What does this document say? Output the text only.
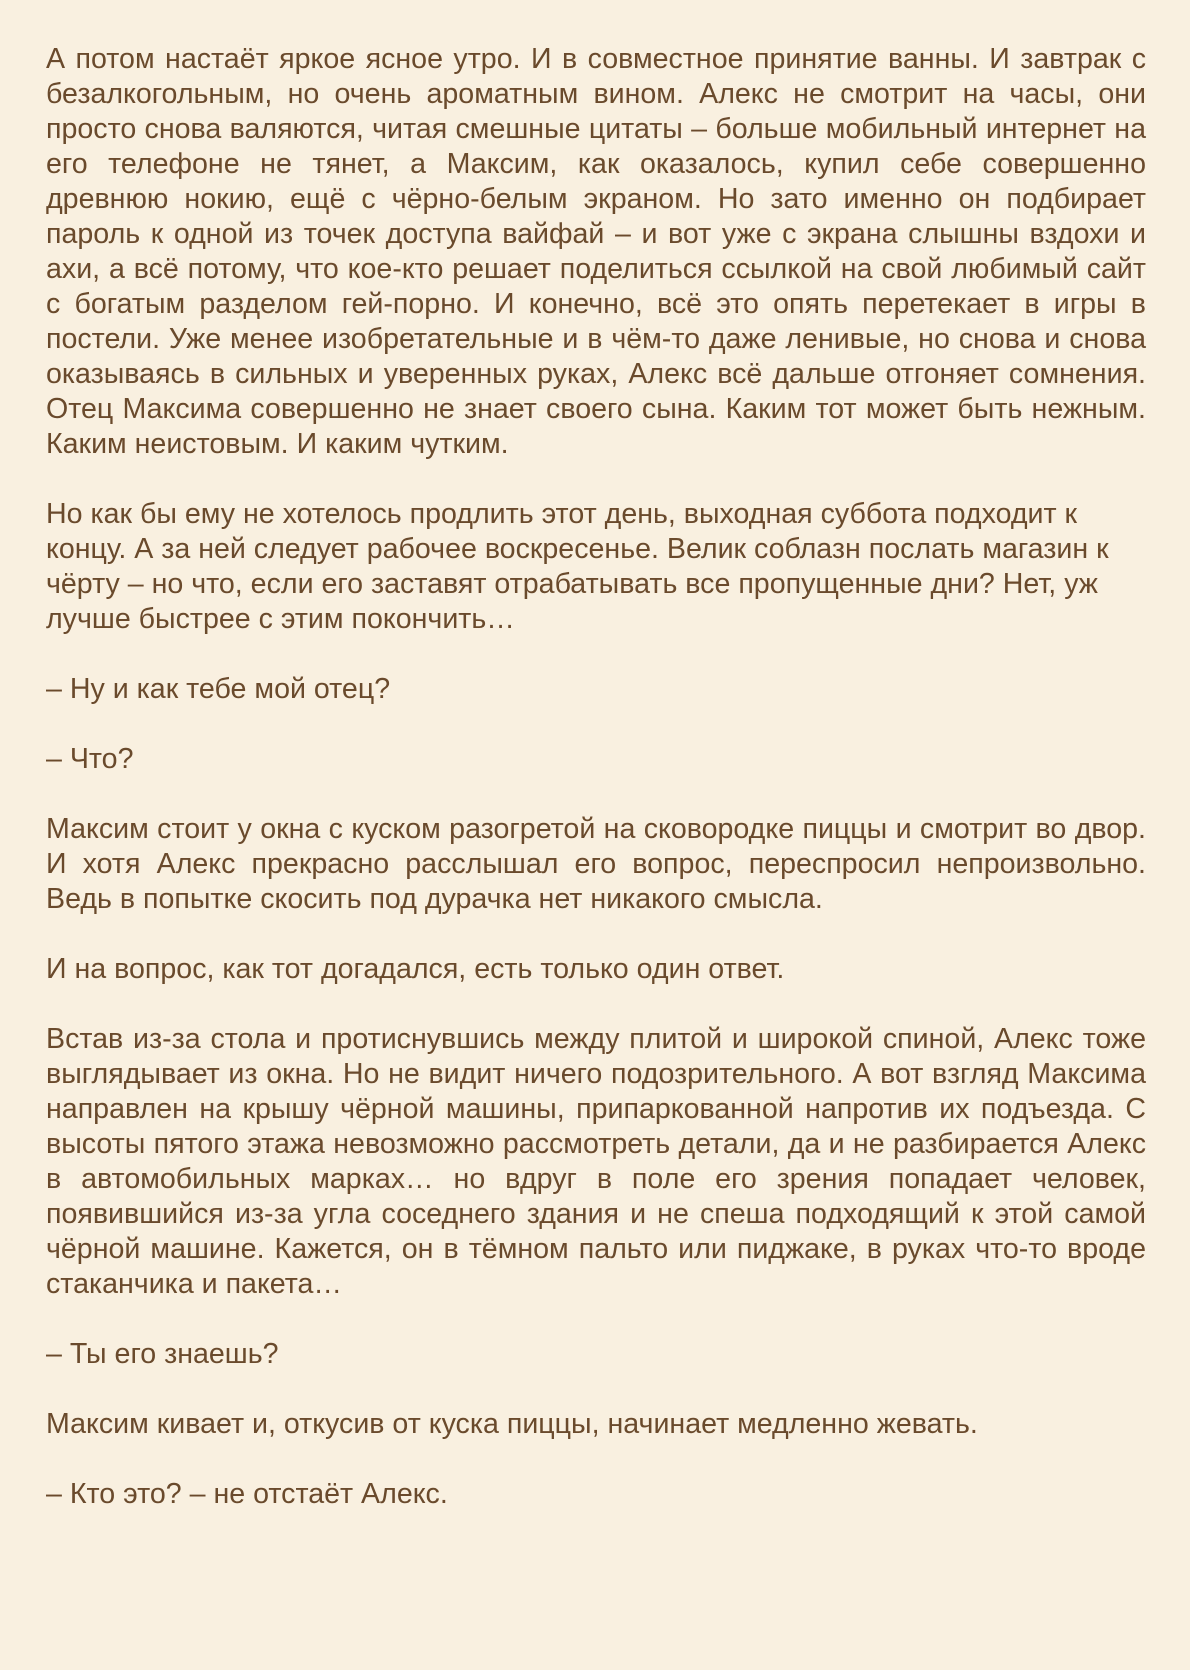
А потом настаёт яркое ясное утро. И в совместное принятие ванны. И завтрак с безалкогольным, но очень ароматным вином. Алекс не смотрит на часы, они просто снова валяются, читая смешные цитаты – больше мобильный интернет на его телефоне не тянет, а Максим, как оказалось, купил себе совершенно древнюю нокию, ещё с чёрно-белым экраном. Но зато именно он подбирает пароль к одной из точек доступа вайфай – и вот уже с экрана слышны вздохи и ахи, а всё потому, что кое-кто решает поделиться ссылкой на свой любимый сайт с богатым разделом гей-порно. И конечно, всё это опять перетекает в игры в постели. Уже менее изобретательные и в чём-то даже ленивые, но снова и снова оказываясь в сильных и уверенных руках, Алекс всё дальше отгоняет сомнения. Отец Максима совершенно не знает своего сына. Каким тот может быть нежным. Каким неистовым. И каким чутким.

Но как бы ему не хотелось продлить этот день, выходная суббота подходит к концу. А за ней следует рабочее воскресенье. Велик соблазн послать магазин к чёрту – но что, если его заставят отрабатывать все пропущенные дни? Нет, уж лучше быстрее с этим покончить…

– Ну и как тебе мой отец?

– Что?

Максим стоит у окна с куском разогретой на сковородке пиццы и смотрит во двор. И хотя Алекс прекрасно расслышал его вопрос, переспросил непроизвольно. Ведь в попытке скосить под дурачка нет никакого смысла.

И на вопрос, как тот догадался, есть только один ответ.

Встав из-за стола и протиснувшись между плитой и широкой спиной, Алекс тоже выглядывает из окна. Но не видит ничего подозрительного. А вот взгляд Максима направлен на крышу чёрной машины, припаркованной напротив их подъезда. С высоты пятого этажа невозможно рассмотреть детали, да и не разбирается Алекс в автомобильных марках… но вдруг в поле его зрения попадает человек, появившийся из-за угла соседнего здания и не спеша подходящий к этой самой чёрной машине. Кажется, он в тёмном пальто или пиджаке, в руках что-то вроде стаканчика и пакета…

– Ты его знаешь?

Максим кивает и, откусив от куска пиццы, начинает медленно жевать.

– Кто это? – не отстаёт Алекс.
